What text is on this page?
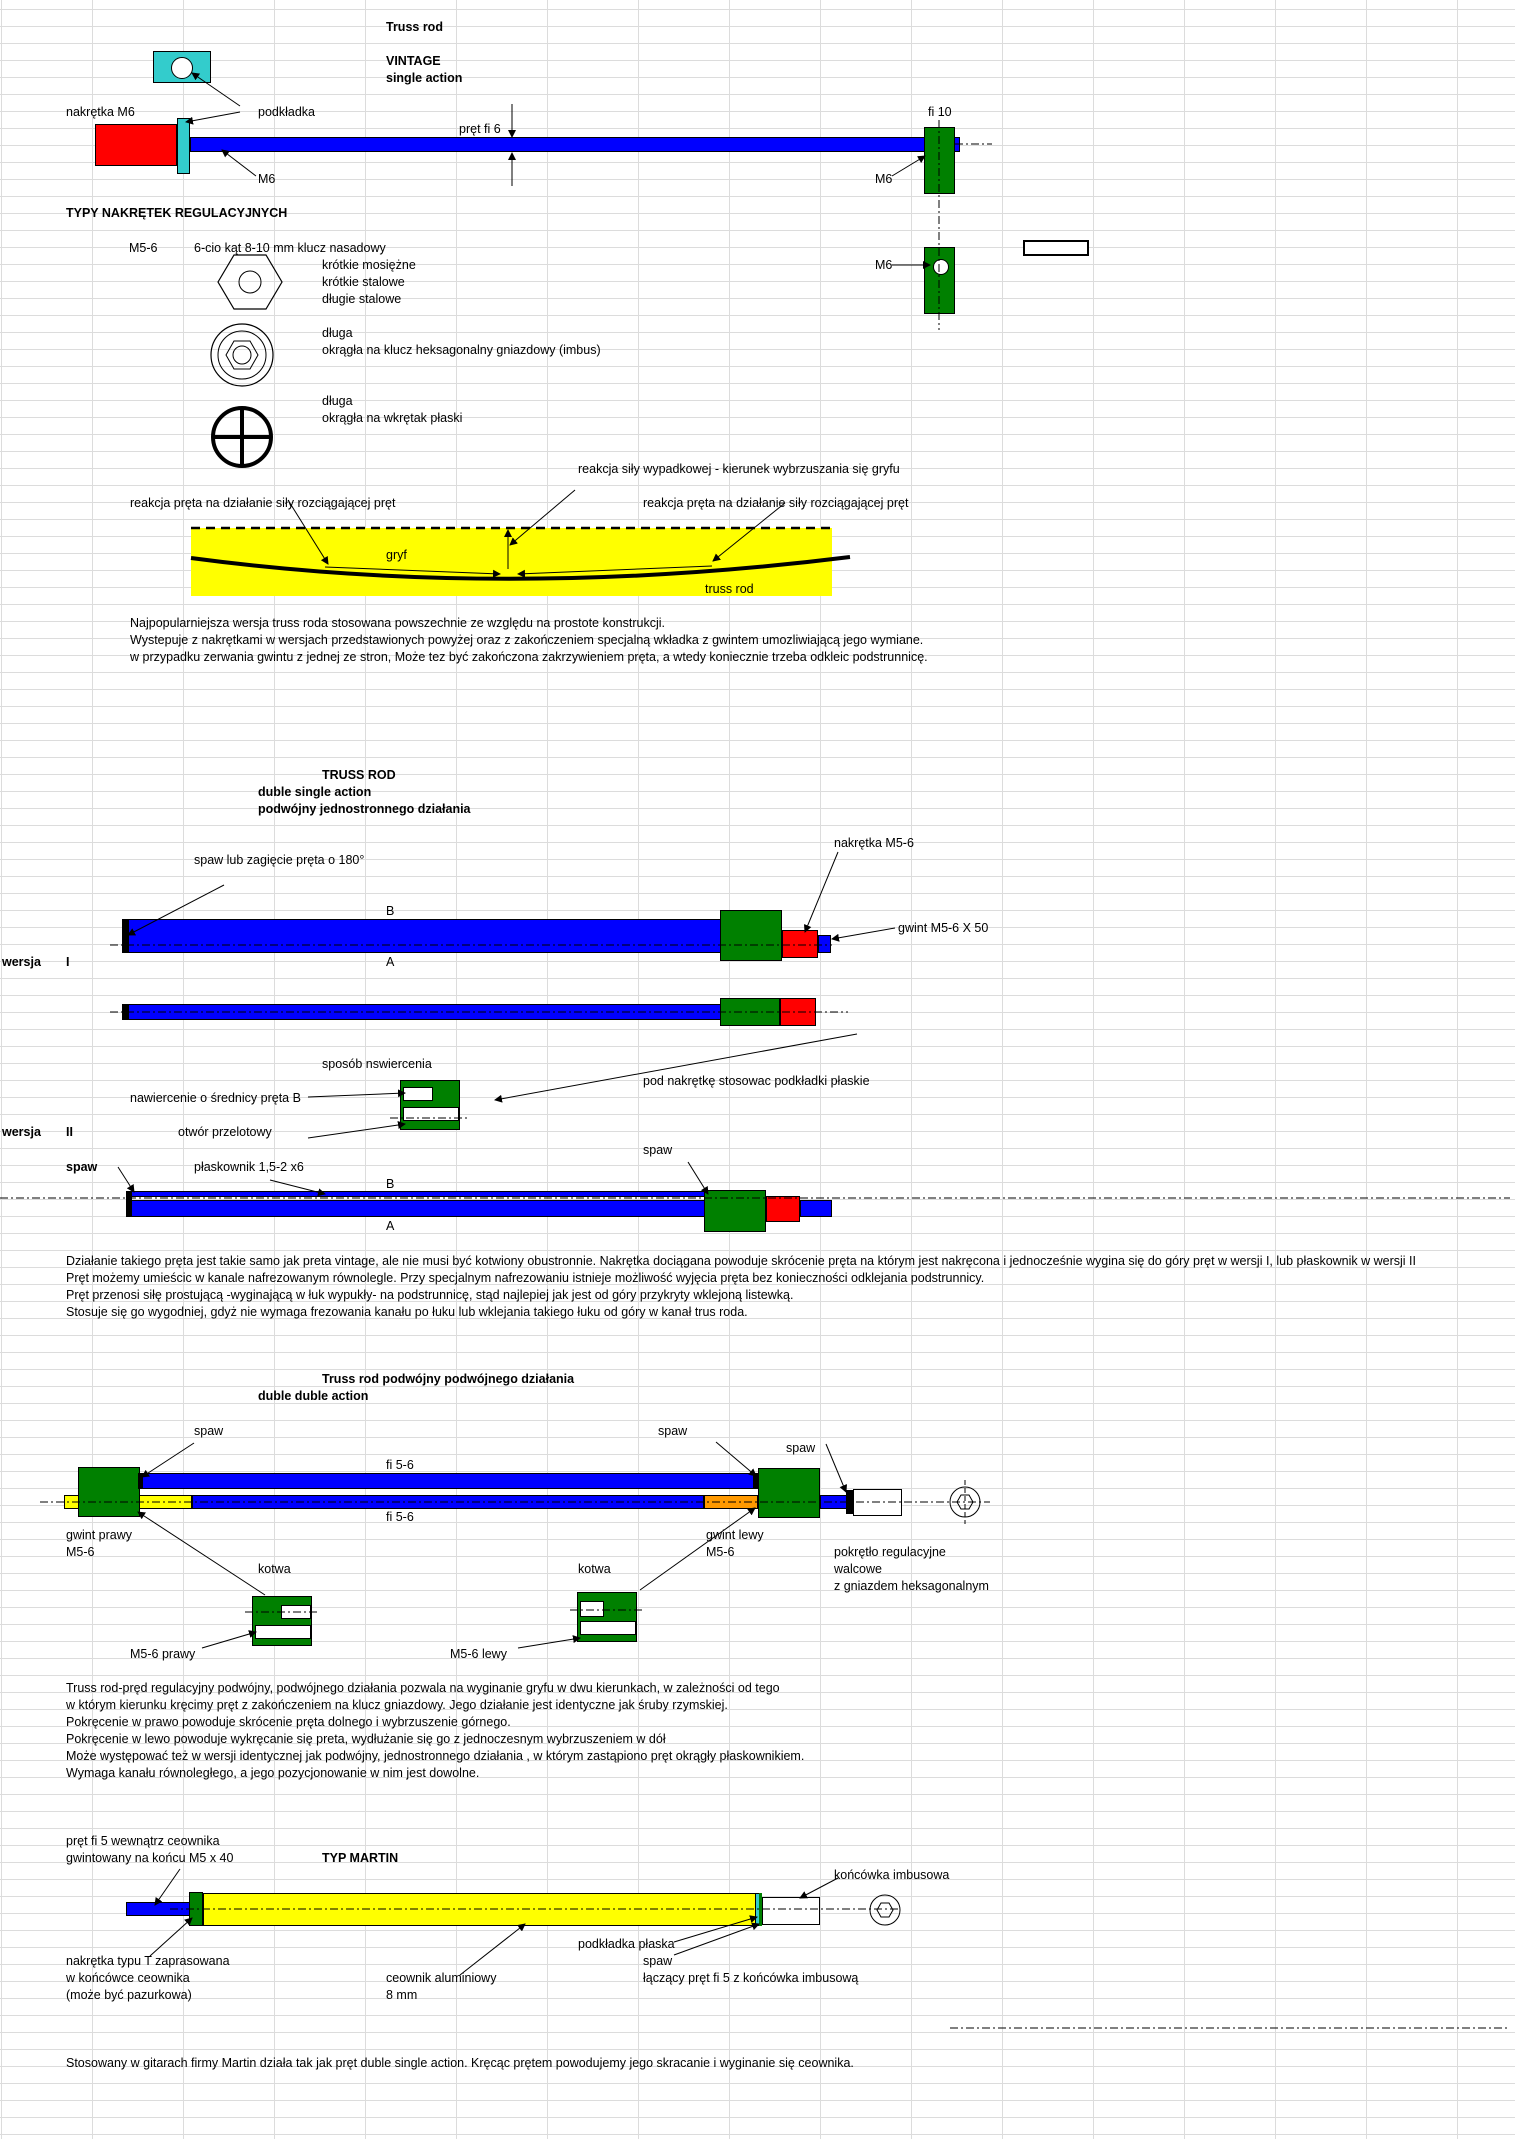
Truss rod
VINTAGE
single action
nakrętka M6	podkładka
pręt fi 6
fi 10
M6	M6
TYPY NAKRĘTEK REGULACYJNYCH
M5-6	6-cio kąt 8-10 mm klucz nasadowy
krótkie mosiężne
krótkie stalowe
długie stalowe
długa
okrągła na klucz heksagonalny gniazdowy (imbus)
długa
okrągła na wkrętak płaski
M6
reakcja siły wypadkowej - kierunek wybrzuszania się gryfu
reakcja pręta na działanie siły rozciągającej pręt	reakcja pręta na działanie siły rozciągającej pręt
gryf
truss rod
Najpopularniejsza wersja truss roda stosowana powszechnie ze względu na prostote konstrukcji.
Wystepuje z nakrętkami w wersjach przedstawionych powyżej oraz z zakończeniem specjalną wkładka z gwintem umozliwiającą jego wymiane.
w przypadku zerwania gwintu z jednej ze stron, Może tez być zakończona zakrzywieniem pręta, a wtedy koniecznie trzeba odkleic podstrunnicę.
TRUSS ROD
duble single action
podwójny jednostronnego działania
nakrętka M5-6
spaw lub zagięcie pręta o 180°
B
gwint M5-6 X 50
A
wersja I
sposób nswiercenia
pod nakrętkę stosowac podkładki płaskie
nawiercenie o średnicy pręta B
otwór przelotowy
wersja II
spaw
spaw	płaskownik 1,5-2 x6
B
A
Działanie takiego pręta jest takie samo jak preta vintage, ale nie musi być kotwiony obustronnie. Nakrętka dociągana powoduje skrócenie pręta na którym jest nakręcona i jednocześnie wygina się do góry pręt w wersji I, lub płaskownik w wersji II
Pręt możemy umieścic w kanale nafrezowanym równolegle. Przy specjalnym nafrezowaniu istnieje możliwość wyjęcia pręta bez konieczności odklejania podstrunnicy.
Pręt przenosi siłę prostującą -wyginającą w łuk wypukły- na podstrunnicę, stąd najlepiej jak jest od góry przykryty wklejoną listewką.
Stosuje się go wygodniej, gdyż nie wymaga frezowania kanału po łuku lub wklejania takiego łuku od góry w kanał trus roda.
Truss rod podwójny podwójnego działania
duble duble action
spaw	spaw
spaw
fi 5-6
fi 5-6
gwint prawy	gwint lewy
M5-6	M5-6	pokrętło regulacyjne
walcowe
kotwa	kotwa
z gniazdem heksagonalnym
M5-6 prawy	M5-6 lewy
Truss rod-pręd regulacyjny podwójny, podwójnego działania pozwala na wyginanie gryfu w dwu kierunkach, w zależności od tego
w którym kierunku kręcimy pręt z zakończeniem na klucz gniazdowy. Jego działanie jest identyczne jak śruby rzymskiej.
Pokręcenie w prawo powoduje skrócenie pręta dolnego i wybrzuszenie górnego.
Pokręcenie w lewo powoduje wykręcanie się preta, wydłużanie się go z jednoczesnym wybrzuszeniem w dół
Może występować też w wersji identycznej jak podwójny, jednostronnego działania , w którym zastąpiono pręt okrągły płaskownikiem.
Wymaga kanału równoległego, a jego pozycjonowanie w nim jest dowolne.
pręt fi 5 wewnątrz ceownika
gwintowany na końcu M5 x 40	TYP MARTIN
końcówka imbusowa
podkładka płaska
spaw
nakrętka typu T zaprasowana
w końcówce ceownika	ceownik aluminiowy	łączący pręt fi 5 z końcówka imbusową
(może być pazurkowa)	8 mm
Stosowany w gitarach firmy Martin działa tak jak pręt duble single action. Kręcąc prętem powodujemy jego skracanie i wyginanie się ceownika.
